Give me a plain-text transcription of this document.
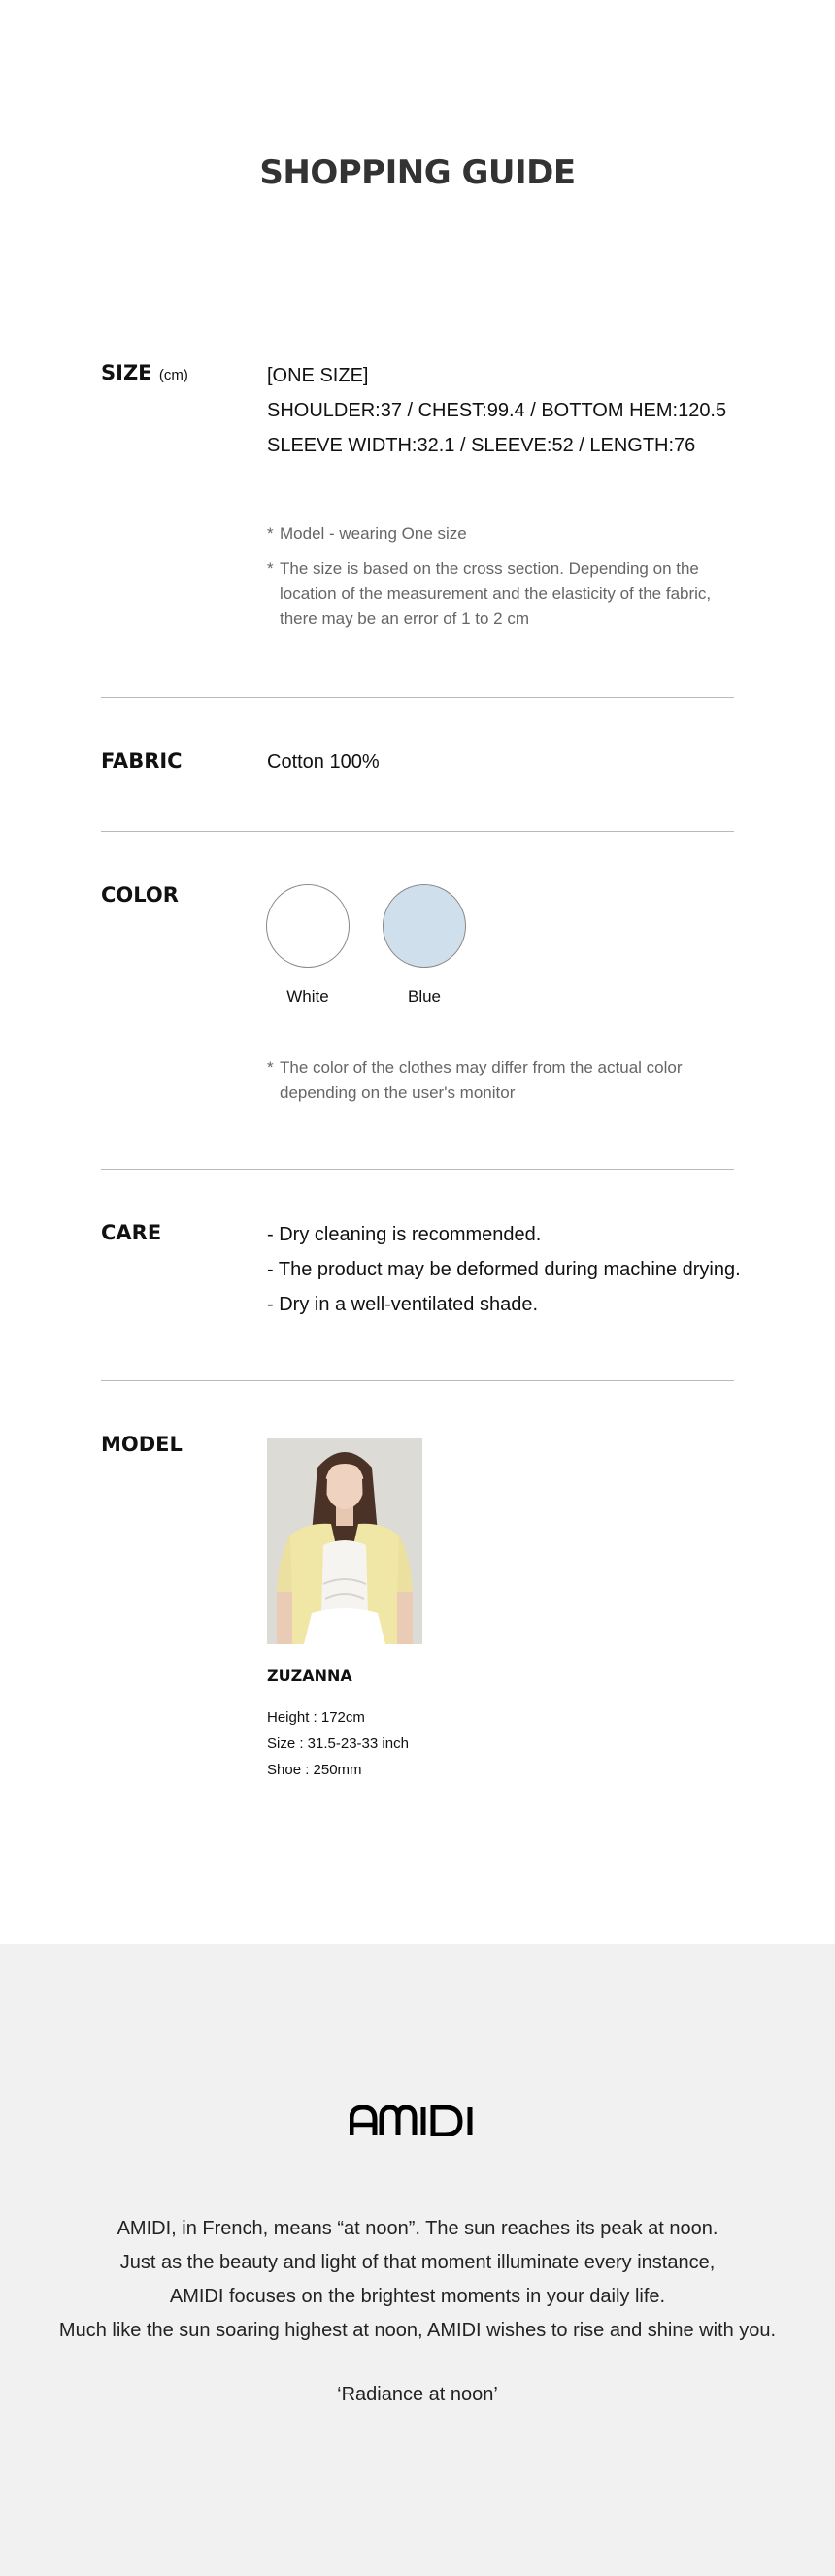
SHOPPING GUIDE
SIZE (cm)	[ONE SIZE]
SHOULDER:37 / CHEST:99.4 / BOTTOM HEM:120.5
SLEEVE WIDTH:32.1 / SLEEVE:52 / LENGTH:76
* Model - wearing One size
* The size is based on the cross section. Depending on the location of the measurement and the elasticity of the fabric, there may be an error of 1 to 2 cm
FABRIC	Cotton 100%
COLOR
White	Blue
* The color of the clothes may differ from the actual color depending on the user's monitor
CARE	- Dry cleaning is recommended.
- The product may be deformed during machine drying.
- Dry in a well-ventilated shade.
MODEL
ZUZANNA
Height : 172cm
Size : 31.5-23-33 inch
Shoe : 250mm
AMIDI, in French, means “at noon”. The sun reaches its peak at noon.
Just as the beauty and light of that moment illuminate every instance,
AMIDI focuses on the brightest moments in your daily life.
Much like the sun soaring highest at noon, AMIDI wishes to rise and shine with you.
‘Radiance at noon’
